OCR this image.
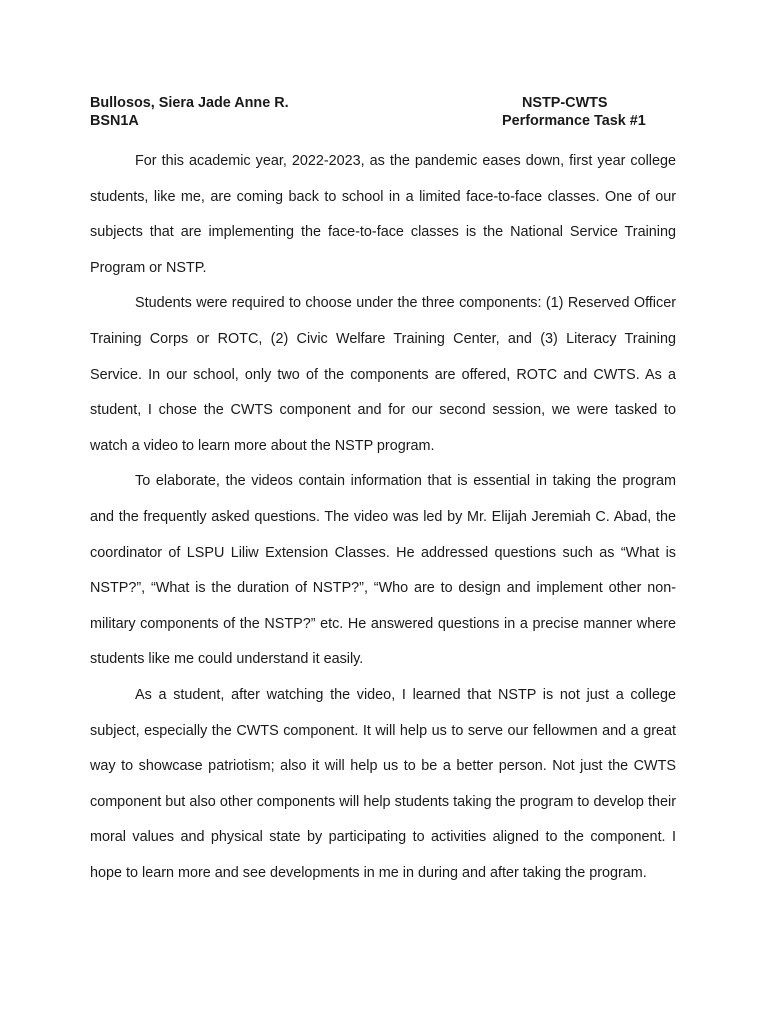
Bullosos, Siera Jade Anne R.	NSTP-CWTS
BSN1A	Performance Task #1

For this academic year, 2022-2023, as the pandemic eases down, first year college students, like me, are coming back to school in a limited face-to-face classes. One of our subjects that are implementing the face-to-face classes is the National Service Training Program or NSTP.

Students were required to choose under the three components: (1) Reserved Officer Training Corps or ROTC, (2) Civic Welfare Training Center, and (3) Literacy Training Service. In our school, only two of the components are offered, ROTC and CWTS. As a student, I chose the CWTS component and for our second session, we were tasked to watch a video to learn more about the NSTP program.

To elaborate, the videos contain information that is essential in taking the program and the frequently asked questions. The video was led by Mr. Elijah Jeremiah C. Abad, the coordinator of LSPU Liliw Extension Classes. He addressed questions such as “What is NSTP?”, “What is the duration of NSTP?”, “Who are to design and implement other non-military components of the NSTP?” etc. He answered questions in a precise manner where students like me could understand it easily.

As a student, after watching the video, I learned that NSTP is not just a college subject, especially the CWTS component. It will help us to serve our fellowmen and a great way to showcase patriotism; also it will help us to be a better person. Not just the CWTS component but also other components will help students taking the program to develop their moral values and physical state by participating to activities aligned to the component. I hope to learn more and see developments in me in during and after taking the program.
